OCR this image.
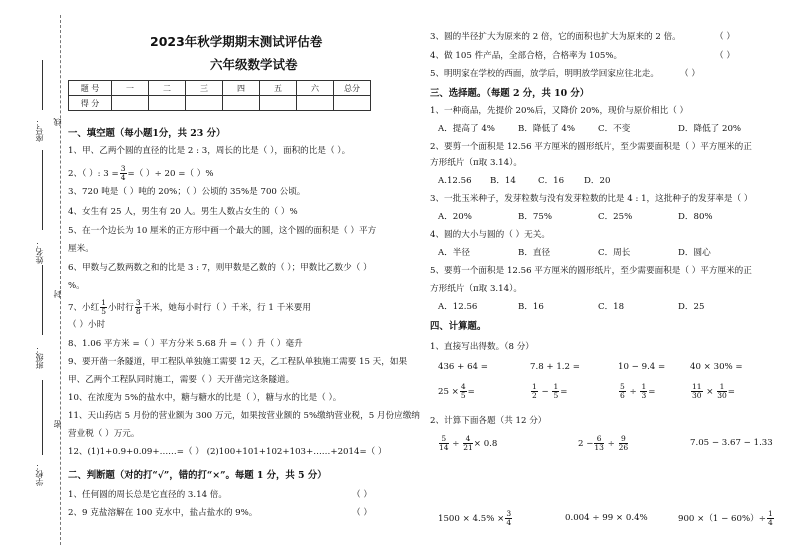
座号： 线
姓名：
封
班级：
密
学校：
2023年秋学期期末测试评估卷
六年级数学试卷
题 号	一	二	三	四	五	六	总分
得 分							
一、填空题（每小题1分，共 23 分）
1、甲、乙两个圆的直径的比是 2 : 3，周长的比是（ ），面积的比是（ ）。
2、（ ）: $3 = \frac{3}{4}$ =（ ）÷ 20 =（ ）%
3、720 吨是（ ）吨的 20%；（ ）公顷的 35%是 700 公顷。
4、女生有 25 人，男生有 20 人。男生人数占女生的（ ）%
5、在一个边长为 10 厘米的正方形中画一个最大的圆，这个圆的面积是（ ）平方
厘米。
6、甲数与乙数两数之和的比是 3 : 7，则甲数是乙数的（ ）；甲数比乙数少（ ）
%。
7、小红 $\frac{1}{5}$ 小时行 $\frac{3}{8}$ 千米，她每小时行（ ）千米，行 1 千米要用
（ ）小时
8、1.06 平方米 =（ ）平方分米 5.68 升 =（ ）升（ ）毫升
9、要开凿一条隧道，甲工程队单独施工需要 12 天，乙工程队单独施工需要 15 天，如果
甲、乙两个工程队同时施工，需要（ ）天开凿完这条隧道。
10、在浓度为 5%的盐水中，糖与糖水的比是（ ），糖与水的比是（ ）。
11、天山药店 5 月份的营业额为 300 万元，如果按营业额的 5%缴纳营业税，5 月份应缴纳
营业税（ ）万元。
12、(1)1+0.9+0.09+……=（ ） (2)100+101+102+103+……+2014=（ ）
二、判断题（对的打“√”，错的打“×”。每题 1 分，共 5 分）
1、任何圆的周长总是它直径的 3.14 倍。	（ ）
2、9 克盐溶解在 100 克水中，盐占盐水的 9%。	（ ）
3、圆的半径扩大为原来的 2 倍，它的面积也扩大为原来的 2 倍。	（ ）
4、做 105 件产品，全部合格，合格率为 105%。	（ ）
5、明明家在学校的西面，放学后，明明放学回家应往北走。 （ ）
三、选择题。（每题 2 分，共 10 分）
1、一种商品，先提价 20%后，又降价 20%，现价与原价相比（ ）
A．提高了 4%	B．降低了 4%	C．不变	D．降低了 20%
2、要剪一个面积是 12.56 平方厘米的圆形纸片，至少需要面积是（ ）平方厘米的正
方形纸片（π取 3.14）。
A.12.56 B．14	C．16 D．20
3、一批玉米种子，发芽粒数与没有发芽粒数的比是 4 : 1，这批种子的发芽率是（ ）
A．20%	B．75%	C．25%	D．80%
4、圆的大小与圆的（ ）无关。
A．半径	B．直径	C．周长	D．圆心
5、要剪一个面积是 12.56 平方厘米的圆形纸片，至少需要面积是（ ）平方厘米的正
方形纸片（π取 3.14）。
A．12.56	B．16	C．18	D．25
四、计算题。
1、直接写出得数。（8 分）
436 + 64 =	7.8 + 1.2 =	10 − 9.4 =	40 × 30% =
$25 \times \frac{4}{5}$ =	$\frac{1}{2} - \frac{1}{5}$ =	$\frac{5}{6} \div \frac{1}{3}$ =	$\frac{11}{30} \times \frac{1}{30}$ =
2、计算下面各题（共 12 分）
$\frac{5}{14} \div \frac{4}{21} \times 0.8$	$2 - \frac{6}{13} \div \frac{9}{26}$	7.05 − 3.67 − 1.33
$1500 \times 4.5\% \times \frac{3}{4}$	0.004 ÷ 99 × 0.4%	$900 \times(1 - 60\%)\div \frac{1}{4}$
